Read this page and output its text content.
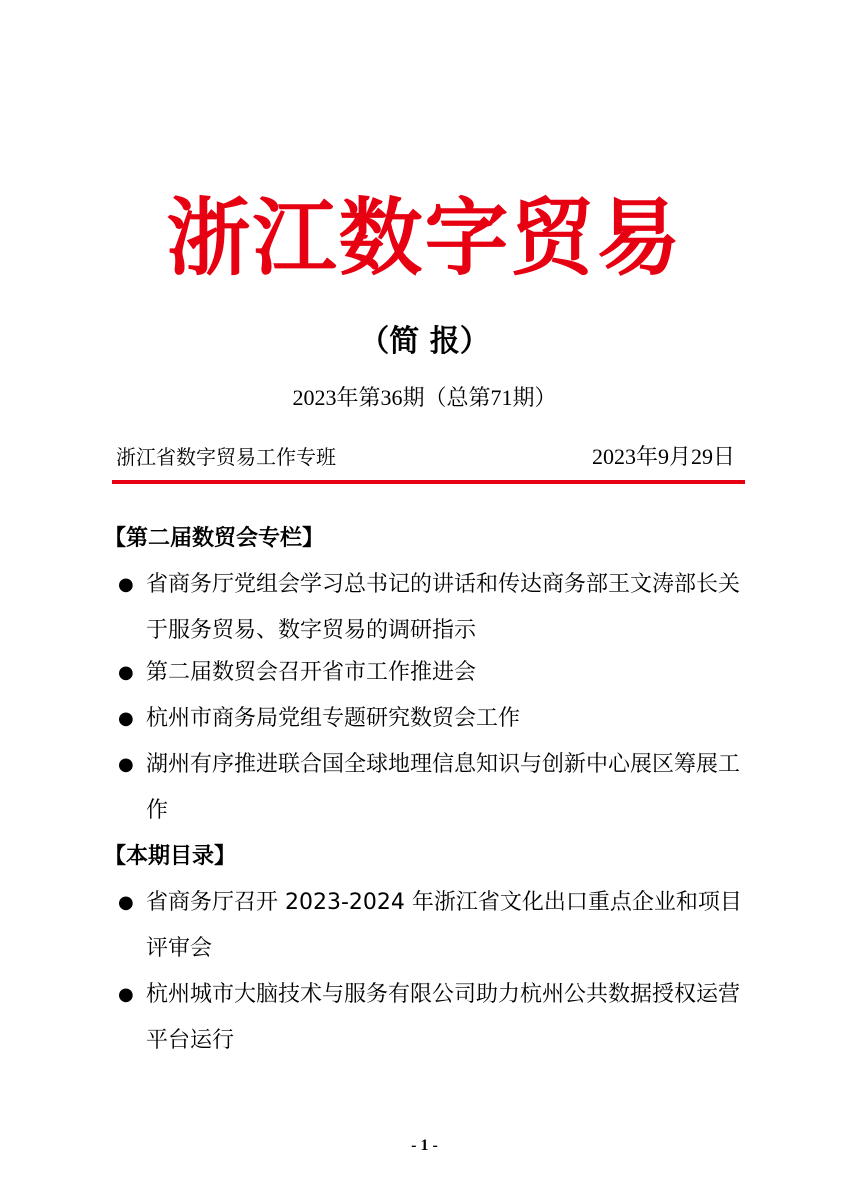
浙江数字贸易
（简 报）
2023年第36期（总第71期）
浙江省数字贸易工作专班	2023年9月29日
【第二届数贸会专栏】
● 省商务厅党组会学习总书记的讲话和传达商务部王文涛部长关于服务贸易、数字贸易的调研指示
● 第二届数贸会召开省市工作推进会
● 杭州市商务局党组专题研究数贸会工作
● 湖州有序推进联合国全球地理信息知识与创新中心展区筹展工作
【本期目录】
● 省商务厅召开 2023-2024 年浙江省文化出口重点企业和项目评审会
● 杭州城市大脑技术与服务有限公司助力杭州公共数据授权运营平台运行
- 1 -
